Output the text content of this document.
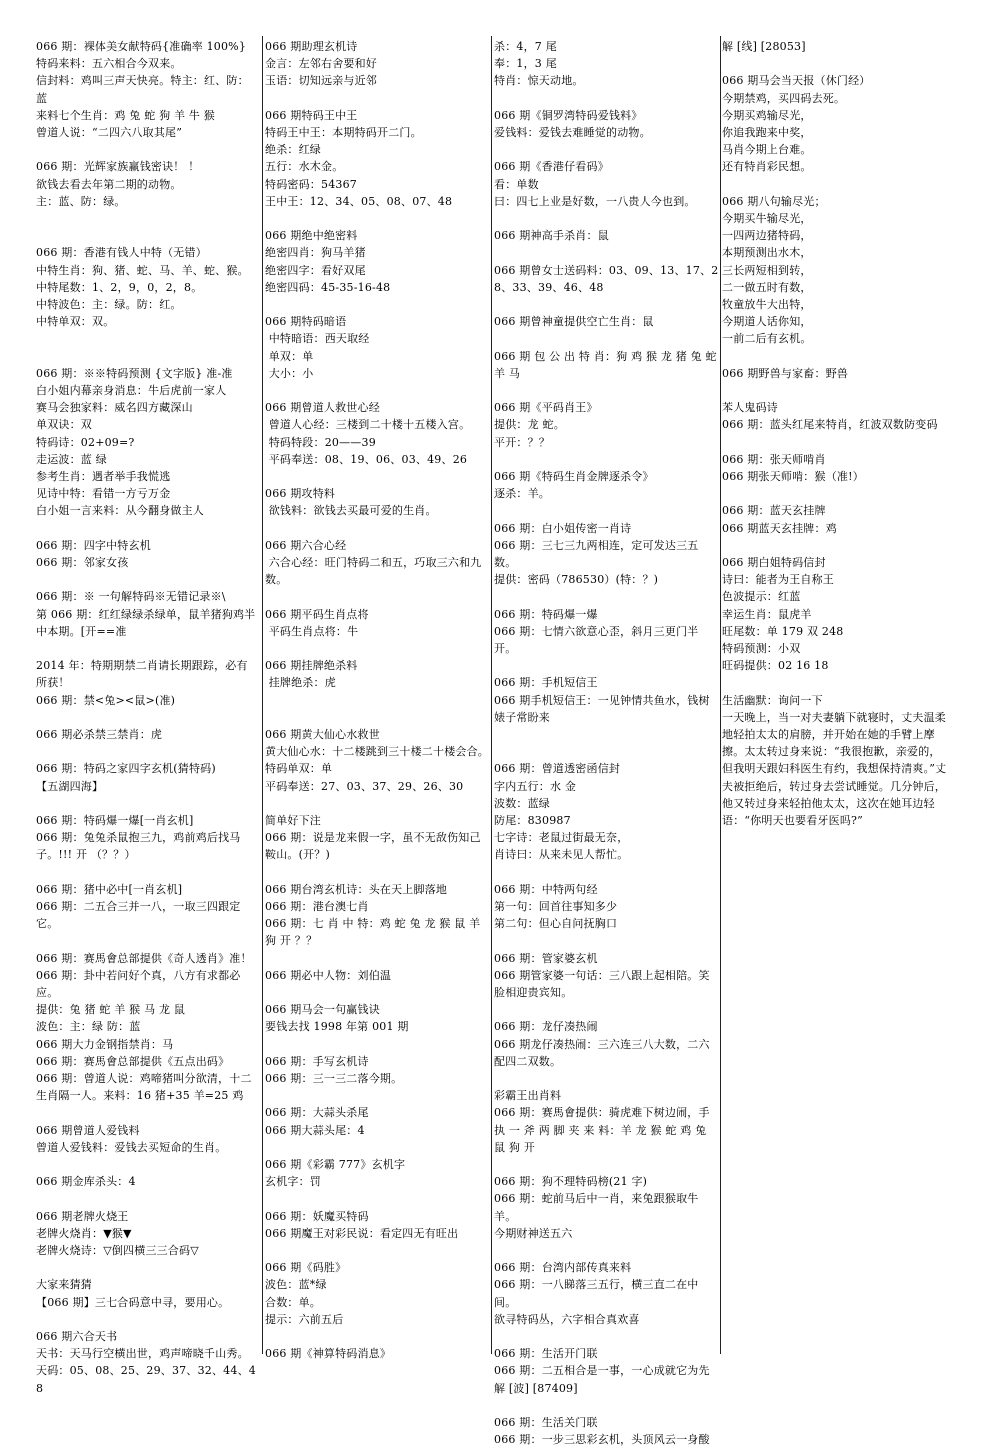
066 期：裸体美女献特码{准确率 100%}
特码来料：五六相合今双来。
信封料：鸡叫三声天快亮。特主：红、防：蓝
来料七个生肖：鸡 兔 蛇 狗 羊 牛 猴
曾道人说：“二四六八取其尾”
066 期：光辉家族赢钱密诀！ ！
欲钱去看去年第二期的动物。
主：蓝、防：绿。
066 期：香港有钱人中特（无错）
中特生肖：狗、猪、蛇、马、羊、蛇、猴。
中特尾数：1、2，9，0，2，8。
中特波色：主：绿。防：红。
中特单双：双。
066 期：※※特码预测 {文字版} 准-准
白小姐内幕亲身消息：牛后虎前一家人
赛马会独家料：威名四方藏深山
单双诀：双
特码诗：02+09=?
走运波：蓝 绿
参考生肖：遇者举手我慌逃
见诗中特：看错一方亏万金
白小姐一言来料：从今翻身做主人
066 期：四字中特玄机
066 期：邻家女孩
066 期：※ 一句解特码※无错记录※\
第 066 期：红红绿绿杀绿单，鼠羊猪狗鸡半中本期。[开==准
2014 年：特期期禁二肖请长期跟踪，必有所获！
066 期：禁<兔><鼠>(准)
066 期必杀禁三禁肖：虎
066 期：特码之家四字玄机(猜特码)
【五湖四海】
066 期：特码爆一爆[一肖玄机]
066 期：兔兔杀鼠抱三九，鸡前鸡后找马子。!!! 开 （？？）
066 期：猪中必中[一肖玄机]
066 期：二五合三并一八，一取三四跟定它。
066 期：赛馬會总部提供《奇人透肖》准！
066 期：卦中若问好个真，八方有求都必应。
提供：兔 猪 蛇 羊 猴 马 龙 鼠
波色：主：绿 防：蓝
066 期大力金钢指禁肖：马
066 期：赛馬會总部提供《五点出码》
066 期：曾道人说：鸡啼猪叫分欲清，十二生肖隔一人。来料：16 猪+35 羊=25 鸡
066 期曾道人爱钱料
曾道人爱钱料：爱钱去买短命的生肖。
066 期金库杀头：4
066 期老牌火烧王
老牌火烧肖：▼猴▼
老牌火烧诗：▽倒四横三三合码▽
大家来猜猜
【066 期】三七合码意中寻，要用心。
066 期六合天书
天书：天马行空横出世，鸡声啼晓千山秀。
天码：05、08、25、29、37、32、44、48
066 期助理玄机诗
金言：左邻右舍要和好
玉语：切知远亲与近邻
066 期特码王中王
特码王中王：本期特码开二门。
绝杀：红绿
五行：水木金。
特码密码：54367
王中王：12、34、05、08、07、48
066 期绝中绝密料
绝密四肖：狗马羊猪
绝密四字：看好双尾
绝密四码：45-35-16-48
066 期特码暗语
中特暗语：西天取经
单双：单
大小：小
066 期曾道人救世心经
曾道人心经：三楼到二十楼十五楼入宫。
特码特段：20——39
平码奉送：08、19、06、03、49、26
066 期攻特料
欲钱料：欲钱去买最可爱的生肖。
066 期六合心经
六合心经：旺门特码二和五，巧取三六和九数。
066 期平码生肖点将
平码生肖点将：牛
066 期挂牌绝杀料
挂牌绝杀：虎
066 期黄大仙心水救世
黄大仙心水：十二楼跳到三十楼二十楼会合。
特码单双：单
平码奉送：27、03、37、29、26、30
简单好下注
066 期：说是龙来假一字，虽不无敌伤知己鞍山。(开？)
066 期台湾玄机诗：头在天上脚落地
066 期：港台澳七肖
066 期：七 肖 中 特：鸡 蛇 兔 龙 猴 鼠 羊 狗 开 ？？
066 期必中人物：刘伯温
066 期马会一句赢钱诀
要钱去找 1998 年第 001 期
066 期：手写玄机诗
066 期：三一三二落今期。
066 期：大蒜头杀尾
066 期大蒜头尾：4
066 期《彩霸 777》玄机字
玄机字：罚
066 期：妖魔买特码
066 期魔王对彩民说：看定四无有旺出
066 期《码胜》
波色：蓝*绿
合数：单。
提示：六前五后
066 期《神算特码消息》
杀：4，7 尾
奉：1，3 尾
特肖：惊天动地。
066 期《铜罗湾特码爱钱料》
爱钱料：爱钱去难睡觉的动物。
066 期《香港仔看码》
看：单数
曰：四七上业是好数，一八贵人今也到。
066 期神高手杀肖：鼠
066 期曾女士送码料：03、09、13、17、28、33、39、46、48
066 期曾神童提供空亡生肖：鼠
066 期 包 公 出 特 肖：狗 鸡 猴 龙 猪 兔 蛇 羊 马
066 期《平码肖王》
提供：龙 蛇。
平开：？？
066 期《特码生肖金牌逐杀令》
逐杀：羊。
066 期：白小姐传密一肖诗
066 期：三七三九两相连，定可发达三五数。
提供：密码（786530）(特：？)
066 期：特码爆一爆
066 期：七情六欲意心歪，斜月三更门半开。
066 期：手机短信王
066 期手机短信王：一见钟情共鱼水，钱树婊子常盼来
066 期：曾道透密函信封
字内五行：水 金
波数：蓝绿
防尾：830987
七字诗：老鼠过街最无奈，
肖诗曰：从来未见人帮忙。
066 期：中特两句经
第一句：回首往事知多少
第二句：但心自问抚胸口
066 期：管家婆玄机
066 期管家婆一句话：三八跟上起相陪。笑脸相迎贵宾知。
066 期：龙仔凑热闹
066 期龙仔凑热闹：三六连三八大数，二六配四二双数。
彩霸王出肖料
066 期：赛馬會提供：骑虎难下树边闹，手执 一 斧 两 脚 夹 来 料：羊 龙 猴 蛇 鸡 兔 鼠 狗 开
066 期：狗不理特码榜(21 字)
066 期：蛇前马后中一肖，来兔跟猴取牛羊。
今期财神送五六
066 期：台湾内部传真来料
066 期：一八睇落三五行，横三直二在中间。
欲寻特码丛，六字相合真欢喜
066 期：生活开门联
066 期：二五相合是一事，一心成就它为先
解 [波] [87409]
066 期：生活关门联
066 期：一步三思彩玄机，头顶风云一身酸
解 [线] [28053]
066 期马会当天报（休门经）
今期禁鸡，买四码去死。
今期买鸡输尽光，
你追我跑来中奖，
马肖今期上台难。
还有特肖彩民想。
066 期八句输尽光；
今期买牛输尽光，
一四两边猪特码，
本期预测出水木，
三长两短相到转，
二一做五时有数，
牧童放牛大出特，
今期道人话你知，
一前二后有玄机。
066 期野兽与家畜：野兽
苯人鬼码诗
066 期：蓝头红尾来特肖，红波双数防变码
066 期：张天师啃肖
066 期张天师啃：猴（准!）
066 期：蓝天玄挂牌
066 期蓝天玄挂牌：鸡
066 期白姐特码信封
诗曰：能者为王自称王
色波提示：红蓝
幸运生肖：鼠虎羊
旺尾数：单 179 双 248
特码预测：小双
旺码提供：02 16 18
生活幽默：询问一下
一天晚上，当一对夫妻躺下就寝时，丈夫温柔地轻拍太太的肩膀，并开始在她的手臂上摩擦。太太转过身来说：“我很抱歉，亲爱的，但我明天跟妇科医生有约，我想保持清爽。”丈夫被拒绝后，转过身去尝试睡觉。几分钟后，他又转过身来轻拍他太太，这次在她耳边轻语：“你明天也要看牙医吗?”
